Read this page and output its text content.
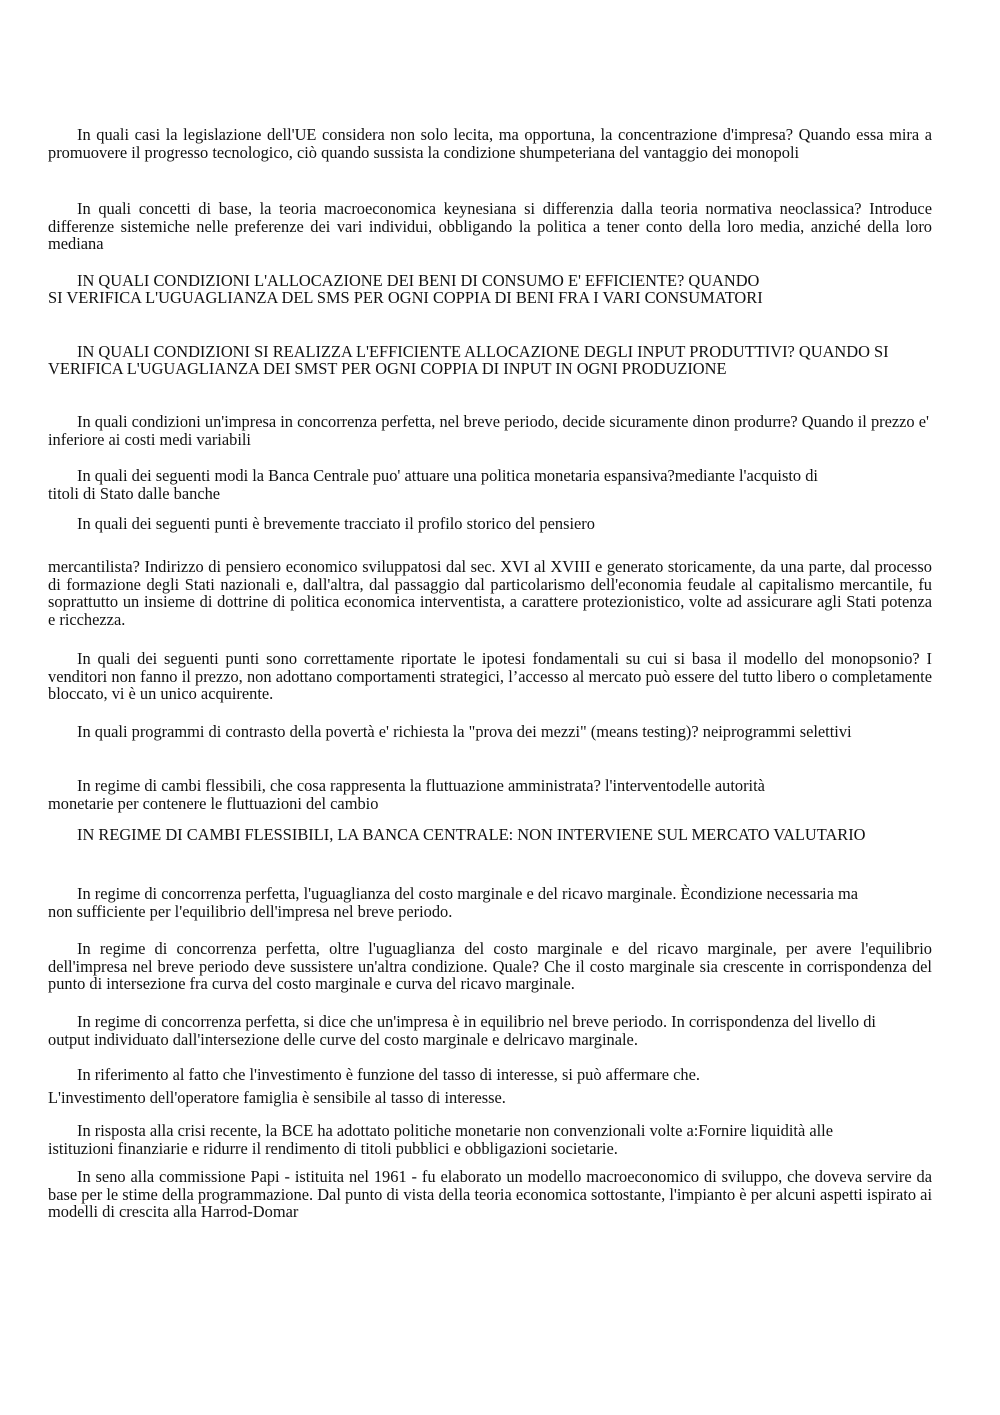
In quali casi la legislazione dell'UE considera non solo lecita, ma opportuna, la concentrazione d'impresa? Quando essa mira a promuovere il progresso tecnologico, ciò quando sussista la condizione shumpeteriana del vantaggio dei monopoli

In quali concetti di base, la teoria macroeconomica keynesiana si differenzia dalla teoria normativa neoclassica? Introduce differenze sistemiche nelle preferenze dei vari individui, obbligando la politica a tener conto della loro media, anziché della loro mediana

IN QUALI CONDIZIONI L'ALLOCAZIONE DEI BENI DI CONSUMO E' EFFICIENTE? QUANDO SI VERIFICA L'UGUAGLIANZA DEL SMS PER OGNI COPPIA DI BENI FRA I VARI CONSUMATORI

IN QUALI CONDIZIONI SI REALIZZA L'EFFICIENTE ALLOCAZIONE DEGLI INPUT PRODUTTIVI? QUANDO SI VERIFICA L'UGUAGLIANZA DEI SMST PER OGNI COPPIA DI INPUT IN OGNI PRODUZIONE

In quali condizioni un'impresa in concorrenza perfetta, nel breve periodo, decide sicuramente dinon produrre? Quando il prezzo e' inferiore ai costi medi variabili

In quali dei seguenti modi la Banca Centrale puo' attuare una politica monetaria espansiva?mediante l'acquisto di titoli di Stato dalle banche

In quali dei seguenti punti è brevemente tracciato il profilo storico del pensiero

mercantilista? Indirizzo di pensiero economico sviluppatosi dal sec. XVI al XVIII e generato storicamente, da una parte, dal processo di formazione degli Stati nazionali e, dall'altra, dal passaggio dal particolarismo dell'economia feudale al capitalismo mercantile, fu soprattutto un insieme di dottrine di politica economica interventista, a carattere protezionistico, volte ad assicurare agli Stati potenza e ricchezza.

In quali dei seguenti punti sono correttamente riportate le ipotesi fondamentali su cui si basa il modello del monopsonio? I venditori non fanno il prezzo, non adottano comportamenti strategici, l’accesso al mercato può essere del tutto libero o completamente bloccato, vi è un unico acquirente.

In quali programmi di contrasto della povertà e' richiesta la "prova dei mezzi" (means testing)? neiprogrammi selettivi

In regime di cambi flessibili, che cosa rappresenta la fluttuazione amministrata? l'interventodelle autorità monetarie per contenere le fluttuazioni del cambio

IN REGIME DI CAMBI FLESSIBILI, LA BANCA CENTRALE: NON INTERVIENE SUL MERCATO VALUTARIO

In regime di concorrenza perfetta, l'uguaglianza del costo marginale e del ricavo marginale. Ècondizione necessaria ma non sufficiente per l'equilibrio dell'impresa nel breve periodo.

In regime di concorrenza perfetta, oltre l'uguaglianza del costo marginale e del ricavo marginale, per avere l'equilibrio dell'impresa nel breve periodo deve sussistere un'altra condizione. Quale? Che il costo marginale sia crescente in corrispondenza del punto di intersezione fra curva del costo marginale e curva del ricavo marginale.

In regime di concorrenza perfetta, si dice che un'impresa è in equilibrio nel breve periodo. In corrispondenza del livello di output individuato dall'intersezione delle curve del costo marginale e delricavo marginale.

In riferimento al fatto che l'investimento è funzione del tasso di interesse, si può affermare che. L'investimento dell'operatore famiglia è sensibile al tasso di interesse.

In risposta alla crisi recente, la BCE ha adottato politiche monetarie non convenzionali volte a:Fornire liquidità alle istituzioni finanziarie e ridurre il rendimento di titoli pubblici e obbligazioni societarie.

In seno alla commissione Papi - istituita nel 1961 - fu elaborato un modello macroeconomico di sviluppo, che doveva servire da base per le stime della programmazione. Dal punto di vista della teoria economica sottostante, l'impianto è per alcuni aspetti ispirato ai modelli di crescita alla Harrod-Domar
